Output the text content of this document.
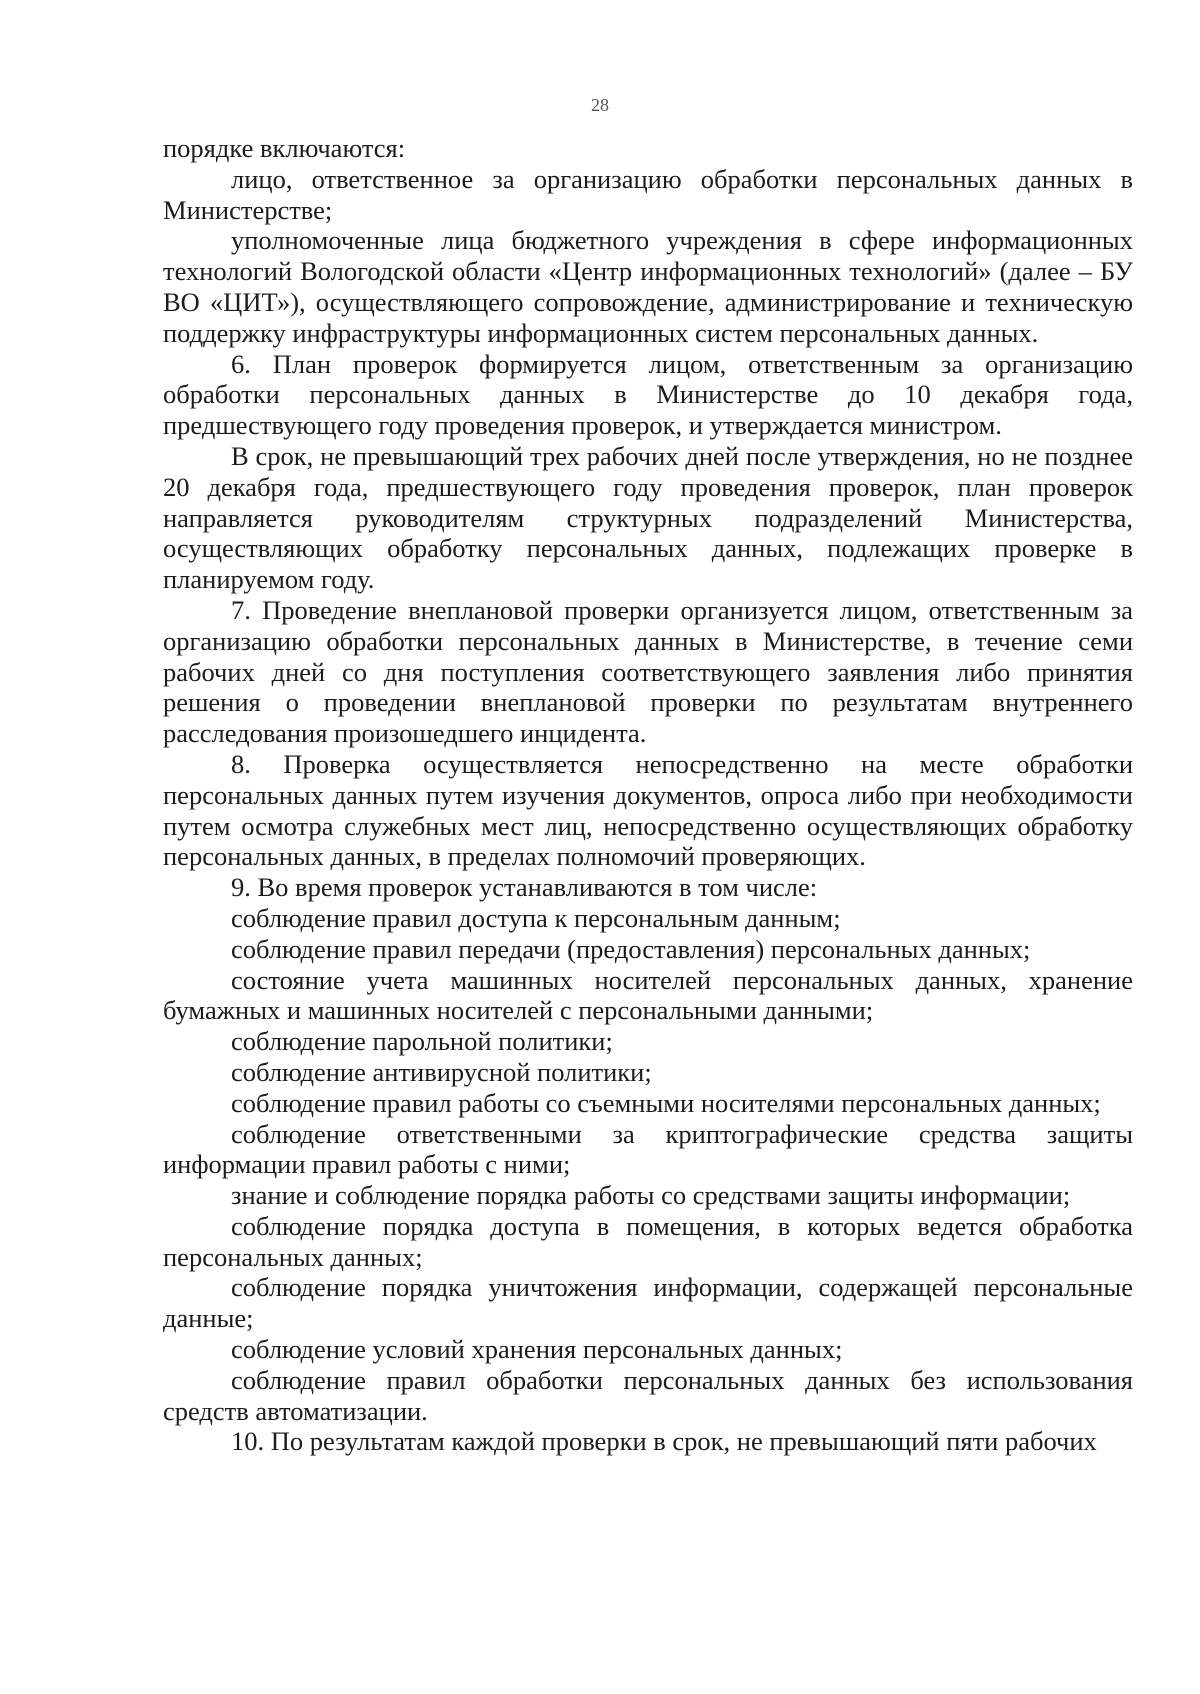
28

порядке включаются:

лицо, ответственное за организацию обработки персональных данных в Министерстве;

уполномоченные лица бюджетного учреждения в сфере информационных технологий Вологодской области «Центр информационных технологий» (далее – БУ ВО «ЦИТ»), осуществляющего сопровождение, администрирование и техническую поддержку инфраструктуры информационных систем персональных данных.

6. План проверок формируется лицом, ответственным за организацию обработки персональных данных в Министерстве до 10 декабря года, предшествующего году проведения проверок, и утверждается министром.

В срок, не превышающий трех рабочих дней после утверждения, но не позднее 20 декабря года, предшествующего году проведения проверок, план проверок направляется руководителям структурных подразделений Министерства, осуществляющих обработку персональных данных, подлежащих проверке в планируемом году.

7. Проведение внеплановой проверки организуется лицом, ответственным за организацию обработки персональных данных в Министерстве, в течение семи рабочих дней со дня поступления соответствующего заявления либо принятия решения о проведении внеплановой проверки по результатам внутреннего расследования произошедшего инцидента.

8. Проверка осуществляется непосредственно на месте обработки персональных данных путем изучения документов, опроса либо при необходимости путем осмотра служебных мест лиц, непосредственно осуществляющих обработку персональных данных, в пределах полномочий проверяющих.

9. Во время проверок устанавливаются в том числе:

соблюдение правил доступа к персональным данным;

соблюдение правил передачи (предоставления) персональных данных;

состояние учета машинных носителей персональных данных, хранение бумажных и машинных носителей с персональными данными;

соблюдение парольной политики;

соблюдение антивирусной политики;

соблюдение правил работы со съемными носителями персональных данных;

соблюдение ответственными за криптографические средства защиты информации правил работы с ними;

знание и соблюдение порядка работы со средствами защиты информации;

соблюдение порядка доступа в помещения, в которых ведется обработка персональных данных;

соблюдение порядка уничтожения информации, содержащей персональные данные;

соблюдение условий хранения персональных данных;

соблюдение правил обработки персональных данных без использования средств автоматизации.

10. По результатам каждой проверки в срок, не превышающий пяти рабочих
